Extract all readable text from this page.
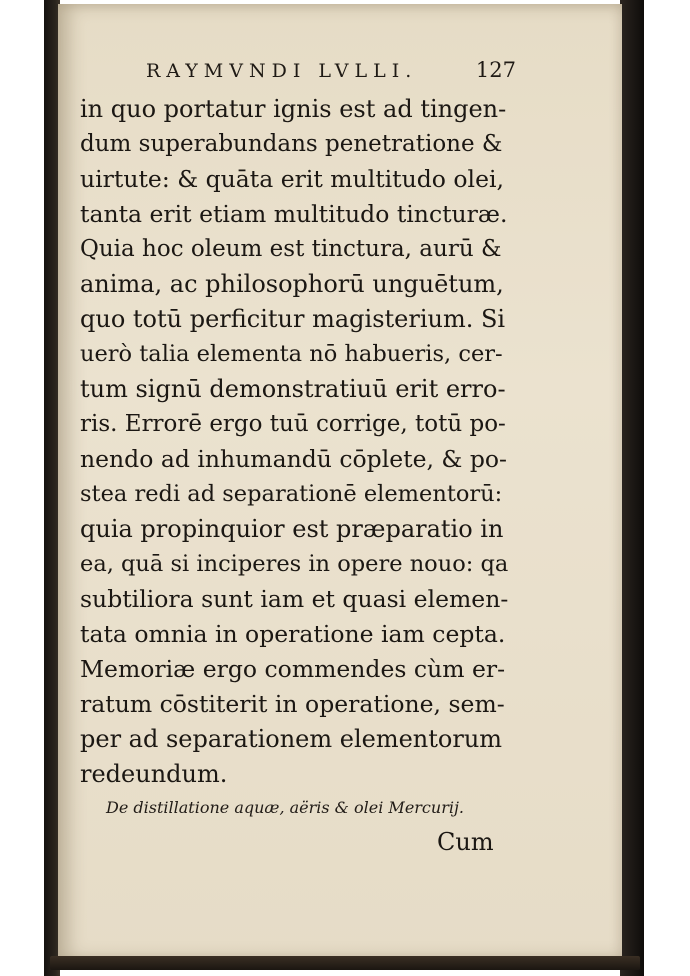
RAYMVNDI LVLLI.	127
in quo portatur ignis est ad tingen-
dum superabundans penetratione &
uirtute: & quāta erit multitudo olei,
tanta erit etiam multitudo tincturæ.
Quia hoc oleum est tinctura, aurū &
anima, ac philosophorū unguētum,
quo totū perficitur magisterium. Si
uerò talia elementa nō habueris, cer-
tum signū demonstratiuū erit erro-
ris. Errorē ergo tuū corrige, totū po-
nendo ad inhumandū cōplete, & po-
stea redi ad separationē elementorū:
quia propinquior est præparatio in
ea, quā si inciperes in opere nouo: qa
subtiliora sunt iam et quasi elemen-
tata omnia in operatione iam cepta.
Memoriæ ergo commendes cùm er-
ratum cōstiterit in operatione, sem-
per ad separationem elementorum
redeundum.
De distillatione aquæ, aëris & olei Mercurij.
Cum
